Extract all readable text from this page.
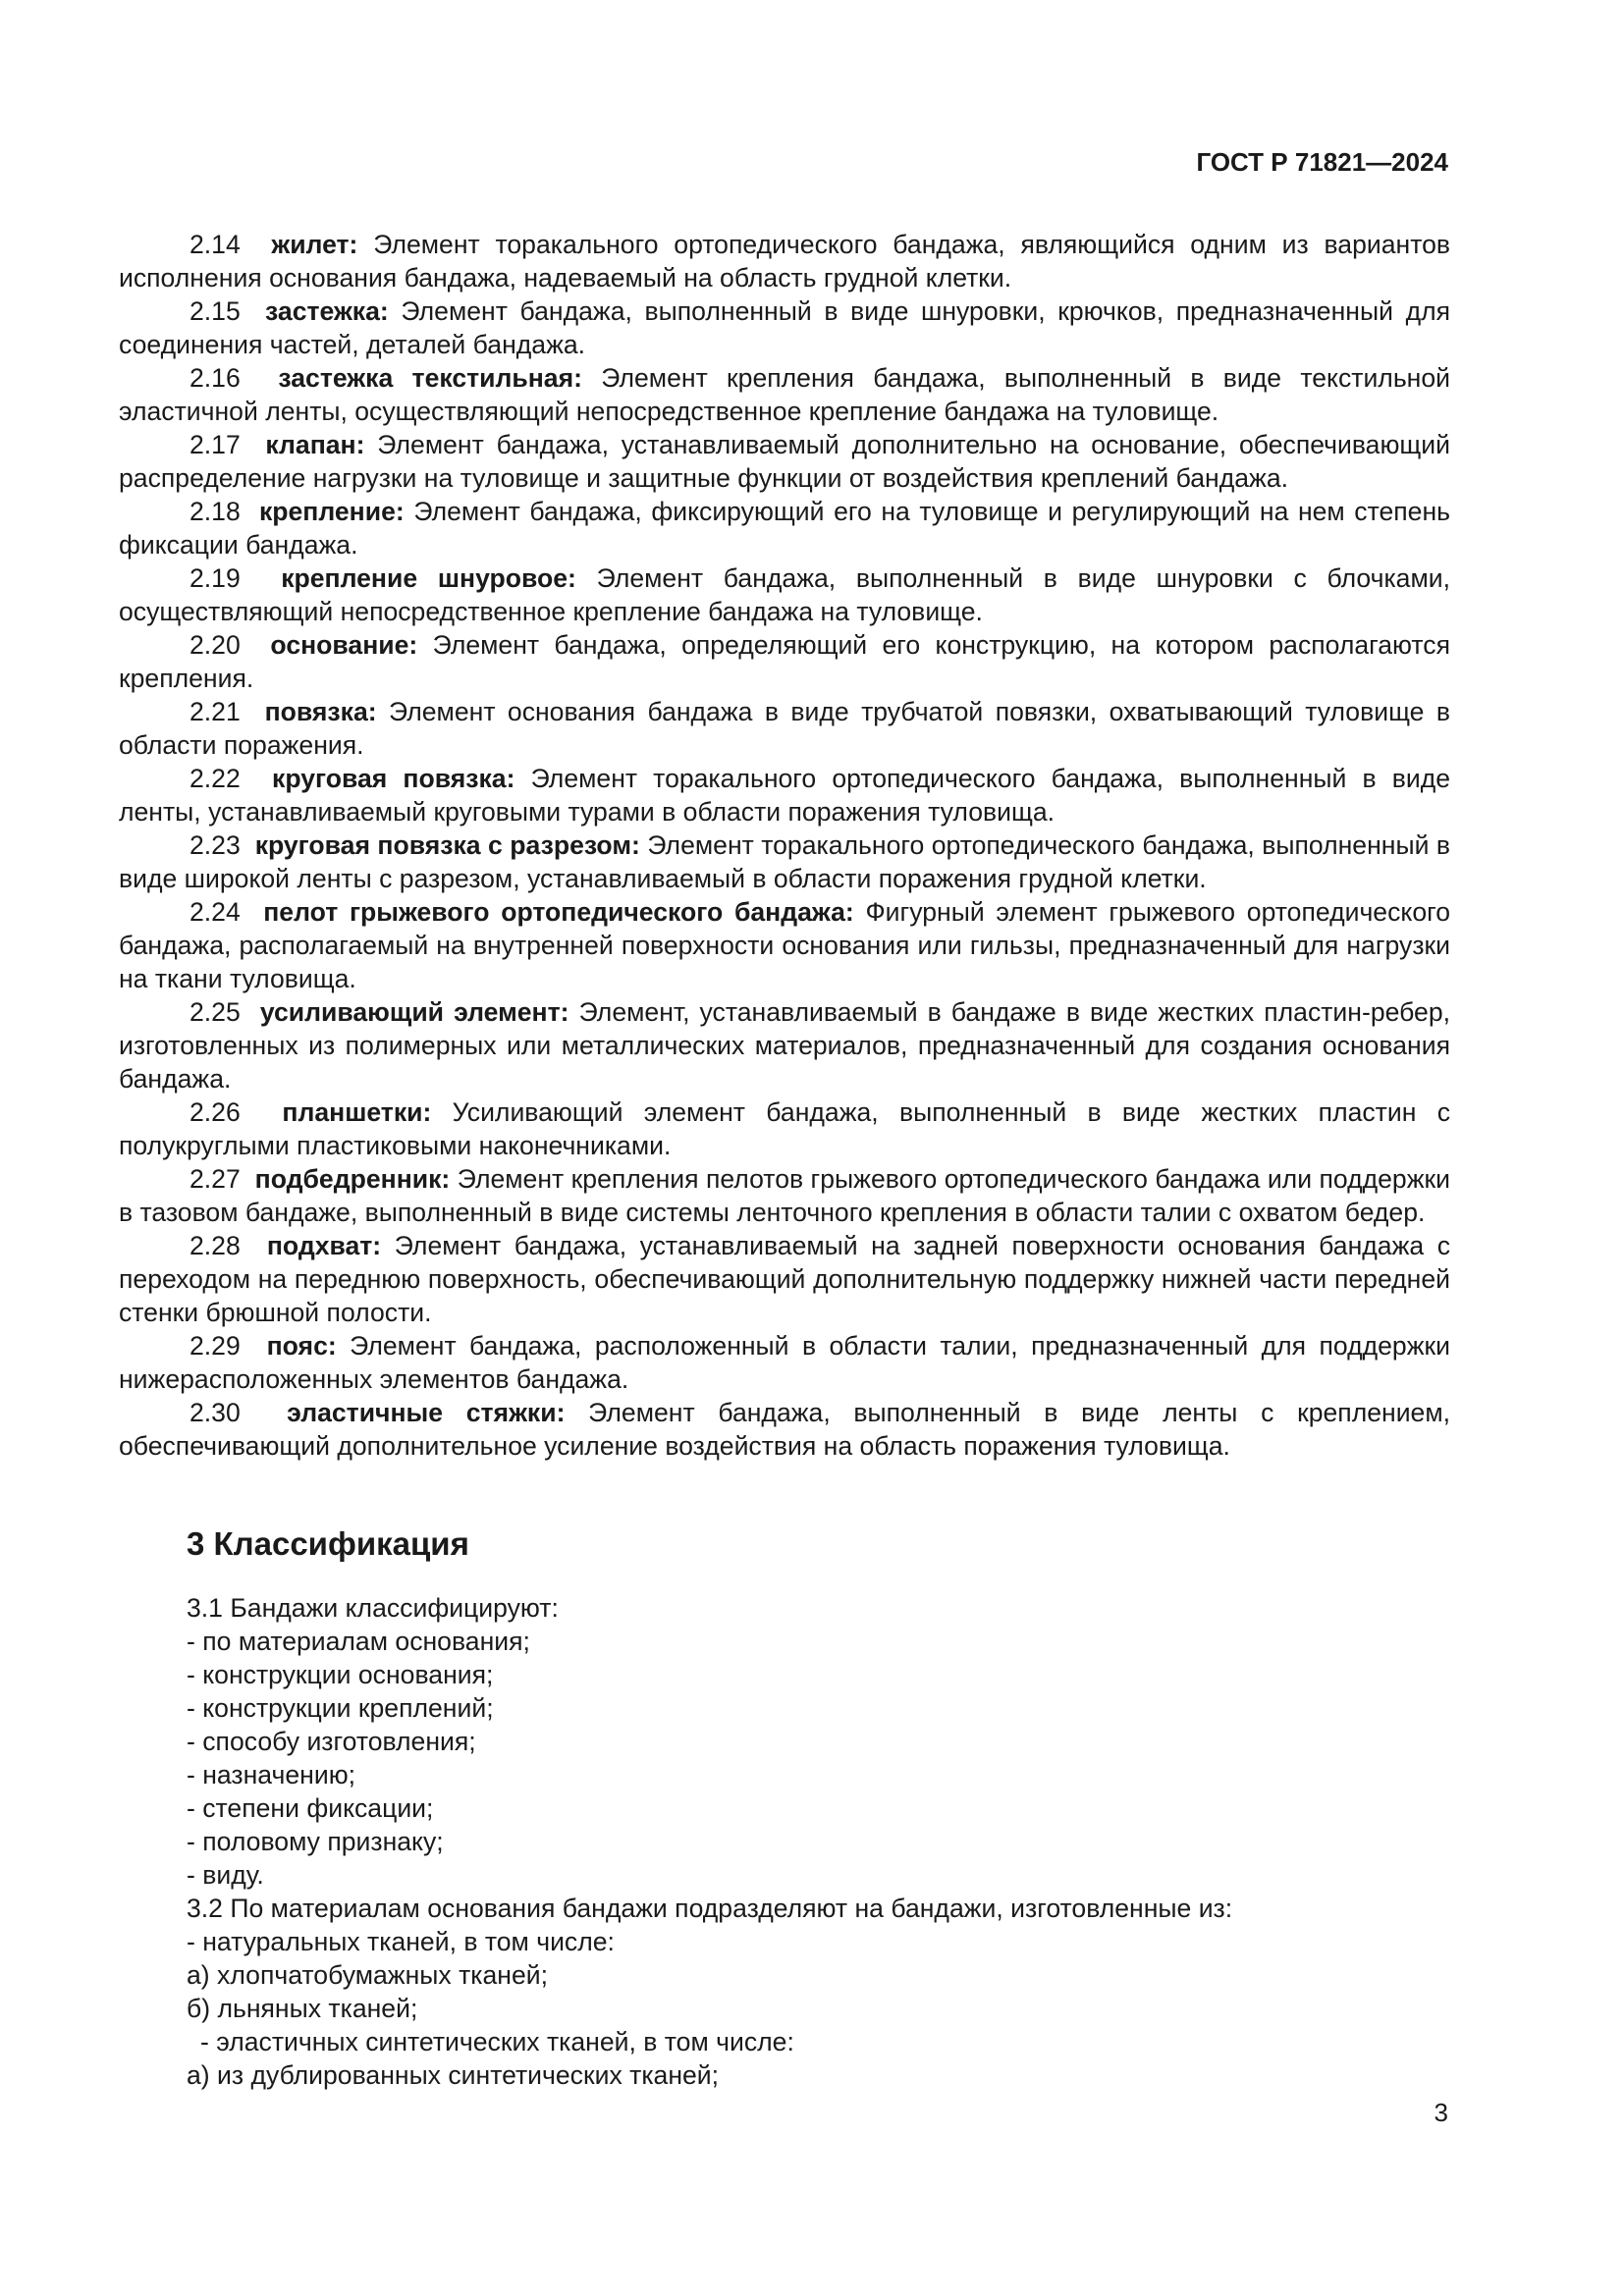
ГОСТ Р 71821—2024

2.14 жилет: Элемент торакального ортопедического бандажа, являющийся одним из вариантов исполнения основания бандажа, надеваемый на область грудной клетки.

2.15 застежка: Элемент бандажа, выполненный в виде шнуровки, крючков, предназначенный для соединения частей, деталей бандажа.

2.16 застежка текстильная: Элемент крепления бандажа, выполненный в виде текстильной эластичной ленты, осуществляющий непосредственное крепление бандажа на туловище.

2.17 клапан: Элемент бандажа, устанавливаемый дополнительно на основание, обеспечивающий распределение нагрузки на туловище и защитные функции от воздействия креплений бандажа.

2.18 крепление: Элемент бандажа, фиксирующий его на туловище и регулирующий на нем степень фиксации бандажа.

2.19 крепление шнуровое: Элемент бандажа, выполненный в виде шнуровки с блочками, осуществляющий непосредственное крепление бандажа на туловище.

2.20 основание: Элемент бандажа, определяющий его конструкцию, на котором располагаются крепления.

2.21 повязка: Элемент основания бандажа в виде трубчатой повязки, охватывающий туловище в области поражения.

2.22 круговая повязка: Элемент торакального ортопедического бандажа, выполненный в виде ленты, устанавливаемый круговыми турами в области поражения туловища.

2.23 круговая повязка с разрезом: Элемент торакального ортопедического бандажа, выполненный в виде широкой ленты с разрезом, устанавливаемый в области поражения грудной клетки.

2.24 пелот грыжевого ортопедического бандажа: Фигурный элемент грыжевого ортопедического бандажа, располагаемый на внутренней поверхности основания или гильзы, предназначенный для нагрузки на ткани туловища.

2.25 усиливающий элемент: Элемент, устанавливаемый в бандаже в виде жестких пластин-ребер, изготовленных из полимерных или металлических материалов, предназначенный для создания основания бандажа.

2.26 планшетки: Усиливающий элемент бандажа, выполненный в виде жестких пластин с полукруглыми пластиковыми наконечниками.

2.27 подбедренник: Элемент крепления пелотов грыжевого ортопедического бандажа или поддержки в тазовом бандаже, выполненный в виде системы ленточного крепления в области талии с охватом бедер.

2.28 подхват: Элемент бандажа, устанавливаемый на задней поверхности основания бандажа с переходом на переднюю поверхность, обеспечивающий дополнительную поддержку нижней части передней стенки брюшной полости.

2.29 пояс: Элемент бандажа, расположенный в области талии, предназначенный для поддержки нижерасположенных элементов бандажа.

2.30 эластичные стяжки: Элемент бандажа, выполненный в виде ленты с креплением, обеспечивающий дополнительное усиление воздействия на область поражения туловища.

3 Классификация

3.1 Бандажи классифицируют:

- по материалам основания;

- конструкции основания;

- конструкции креплений;

- способу изготовления;

- назначению;

- степени фиксации;

- половому признаку;

- виду.

3.2 По материалам основания бандажи подразделяют на бандажи, изготовленные из:

- натуральных тканей, в том числе:

а) хлопчатобумажных тканей;

б) льняных тканей;

- эластичных синтетических тканей, в том числе:

а) из дублированных синтетических тканей;

3
